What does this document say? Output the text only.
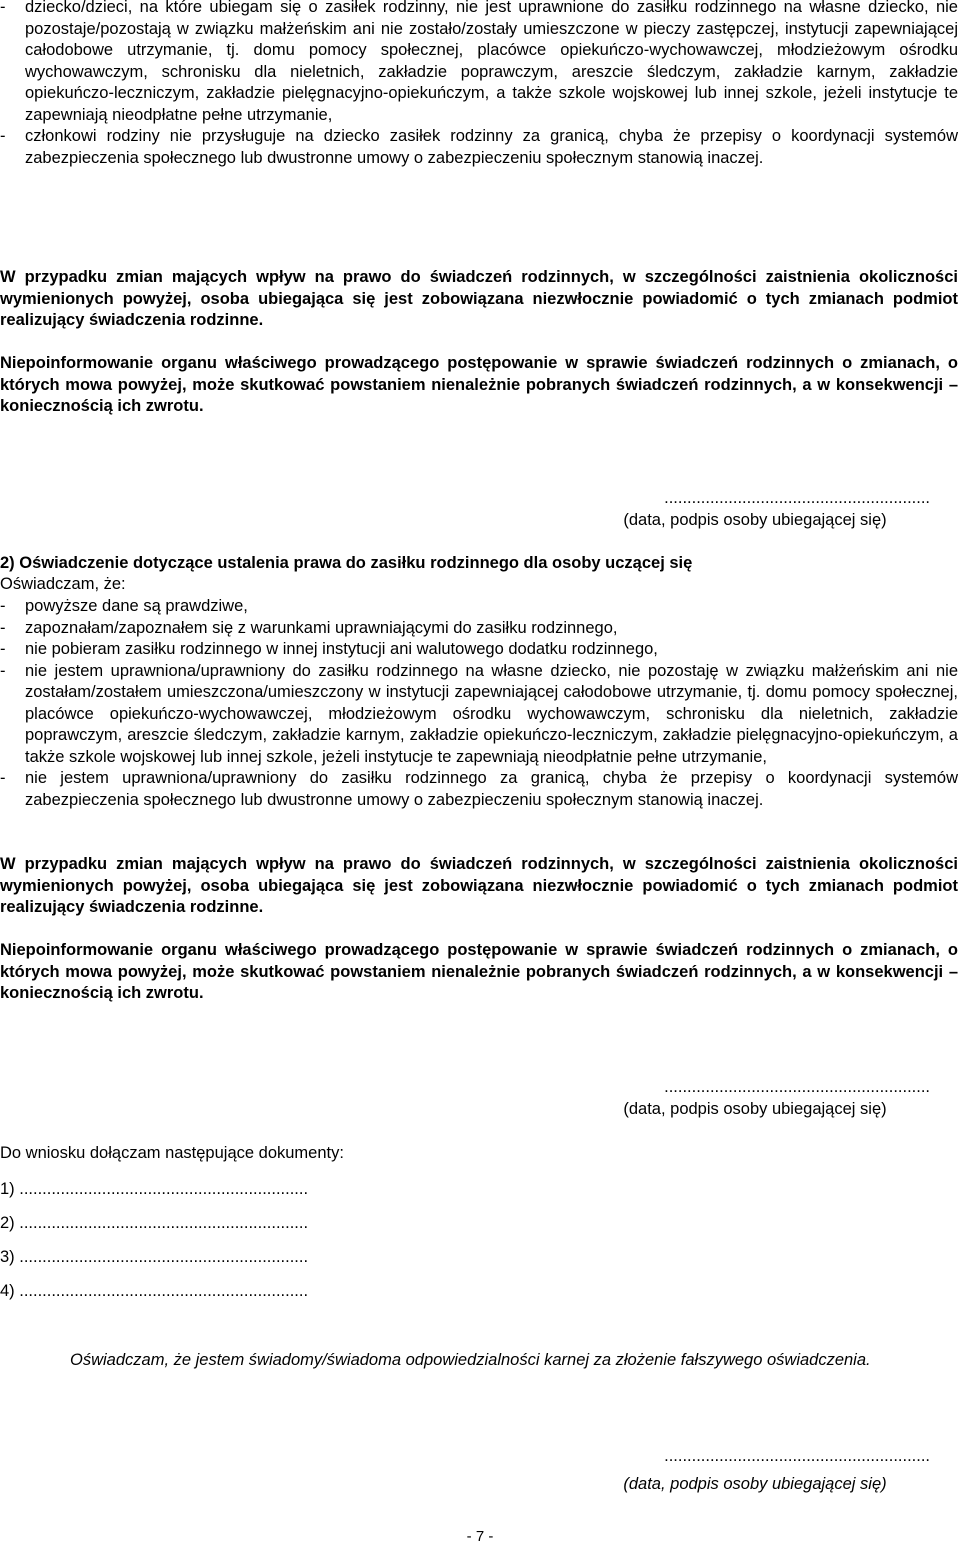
-	dziecko/dzieci, na które ubiegam się o zasiłek rodzinny, nie jest uprawnione do zasiłku rodzinnego na własne dziecko, nie pozostaje/pozostają w związku małżeńskim ani nie zostało/zostały umieszczone w pieczy zastępczej, instytucji zapewniającej całodobowe utrzymanie, tj. domu pomocy społecznej, placówce opiekuńczo-wychowawczej, młodzieżowym ośrodku wychowawczym, schronisku dla nieletnich, zakładzie poprawczym, areszcie śledczym, zakładzie karnym, zakładzie opiekuńczo-leczniczym, zakładzie pielęgnacyjno-opiekuńczym, a także szkole wojskowej lub innej szkole, jeżeli instytucje te zapewniają nieodpłatne pełne utrzymanie,
-	członkowi rodziny nie przysługuje na dziecko zasiłek rodzinny za granicą, chyba że przepisy o koordynacji systemów zabezpieczenia społecznego lub dwustronne umowy o zabezpieczeniu społecznym stanowią inaczej.

W przypadku zmian mających wpływ na prawo do świadczeń rodzinnych, w szczególności zaistnienia okoliczności wymienionych powyżej, osoba ubiegająca się jest zobowiązana niezwłocznie powiadomić o tych zmianach podmiot realizujący świadczenia rodzinne.

Niepoinformowanie organu właściwego prowadzącego postępowanie w sprawie świadczeń rodzinnych o zmianach, o których mowa powyżej, może skutkować powstaniem nienależnie pobranych świadczeń rodzinnych, a w konsekwencji – koniecznością ich zwrotu.

..........................................................
(data, podpis osoby ubiegającej się)

2) Oświadczenie dotyczące ustalenia prawa do zasiłku rodzinnego dla osoby uczącej się

Oświadczam, że:

-	powyższe dane są prawdziwe,
-	zapoznałam/zapoznałem się z warunkami uprawniającymi do zasiłku rodzinnego,
-	nie pobieram zasiłku rodzinnego w innej instytucji ani walutowego dodatku rodzinnego,
-	nie jestem uprawniona/uprawniony do zasiłku rodzinnego na własne dziecko, nie pozostaję w związku małżeńskim ani nie zostałam/zostałem umieszczona/umieszczony w instytucji zapewniającej całodobowe utrzymanie, tj. domu pomocy społecznej, placówce opiekuńczo-wychowawczej, młodzieżowym ośrodku wychowawczym, schronisku dla nieletnich, zakładzie poprawczym, areszcie śledczym, zakładzie karnym, zakładzie opiekuńczo-leczniczym, zakładzie pielęgnacyjno-opiekuńczym, a także szkole wojskowej lub innej szkole, jeżeli instytucje te zapewniają nieodpłatnie pełne utrzymanie,
-	nie jestem uprawniona/uprawniony do zasiłku rodzinnego za granicą, chyba że przepisy o koordynacji systemów zabezpieczenia społecznego lub dwustronne umowy o zabezpieczeniu społecznym stanowią inaczej.

W przypadku zmian mających wpływ na prawo do świadczeń rodzinnych, w szczególności zaistnienia okoliczności wymienionych powyżej, osoba ubiegająca się jest zobowiązana niezwłocznie powiadomić o tych zmianach podmiot realizujący świadczenia rodzinne.

Niepoinformowanie organu właściwego prowadzącego postępowanie w sprawie świadczeń rodzinnych o zmianach, o których mowa powyżej, może skutkować powstaniem nienależnie pobranych świadczeń rodzinnych, a w konsekwencji – koniecznością ich zwrotu.

..........................................................
(data, podpis osoby ubiegającej się)

Do wniosku dołączam następujące dokumenty:

1) ...............................................................
2) ...............................................................
3) ...............................................................
4) ...............................................................

Oświadczam, że jestem świadomy/świadoma odpowiedzialności karnej za złożenie fałszywego oświadczenia.

..........................................................
(data, podpis osoby ubiegającej się)
- 7 -
